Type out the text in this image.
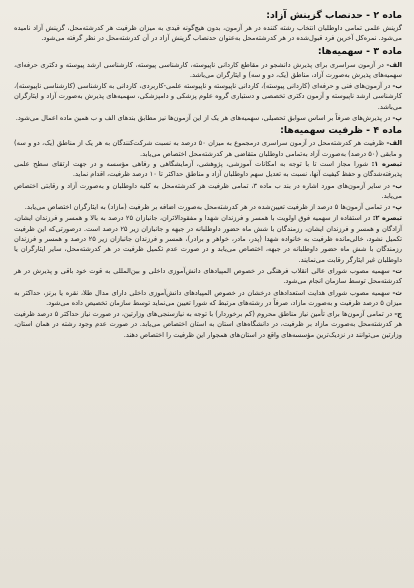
ماده ۲ - حدنصاب گزینش آزاد:

گزینش علمی تمامی داوطلبان انتخاب رشته کننده در هر آزمون، بدون هیچ‌گونه قیدی به میزان ظرفیت هر کدرشته‌محل، گزینش آزاد نامیده می‌شود. نمره‌کل آخرین فرد قبول‌شده در هر کدرشته‌محل به‌عنوان حدنصاب گزینش آزاد در آن کدرشته‌محل در نظر گرفته می‌شود.

ماده ۳ - سهمیه‌ها:

الف- در آزمون سراسری برای پذیرش دانشجو در مقاطع کاردانی ناپیوسته، کارشناسی پیوسته، کارشناسی ارشد پیوسته و دکتری حرفه‌ای، سهمیه‌های پذیرش به‌صورت آزاد، مناطق (یک، دو و سه) و ایثارگران می‌باشد.

ب- در آزمون‌های فنی و حرفه‌ای (کاردانی پیوسته)، کاردانی ناپیوسته و ناپیوسته علمی-کاربردی، کاردانی به کارشناسی (کارشناسی ناپیوسته)، کارشناسی ارشد ناپیوسته و آزمون دکتری تخصصی و دستیاری گروه علوم پزشکی و دامپزشکی، سهمیه‌های پذیرش به‌صورت آزاد و ایثارگران می‌باشد.

پ- در پذیرش‌های صرفاً بر اساس سوابق تحصیلی، سهمیه‌های هر یک از این آزمون‌ها نیز مطابق بندهای الف و ب همین ماده اعمال می‌شود.

ماده ۴ - ظرفیت سهمیه‌ها:

الف- ظرفیت هر کدرشته‌محل در آزمون سراسری درمجموع به میزان ۵۰ درصد به نسبت شرکت‌کنندگان به هر یک از مناطق (یک، دو و سه) و مابقی (۵۰ درصد) به‌صورت آزاد به‌تمامی داوطلبان متقاضی هر کدرشته‌محل اختصاص می‌یابد.

تبصره ۱: شورا مجاز است تا با توجه به امکانات آموزشی، پژوهشی، آزمایشگاهی و رفاهی مؤسسه و در جهت ارتقای سطح علمی پذیرفته‌شدگان و حفظ کیفیت آنها، نسبت به تعدیل سهم داوطلبان آزاد و مناطق حداکثر تا ۱۰ درصد ظرفیت، اقدام نماید.

ب- در سایر آزمون‌های مورد اشاره در بند ب ماده ۳، تمامی ظرفیت هر کدرشته‌محل به کلیه داوطلبان و به‌صورت آزاد و رقابتی اختصاص می‌یابد.

پ- در تمامی آزمون‌ها ۵ درصد از ظرفیت تعیین‌شده در هر کدرشته‌محل به‌صورت اضافه بر ظرفیت (مازاد) به ایثارگران اختصاص می‌یابد.

تبصره ۲: در استفاده از سهمیه فوق اولویت با همسر و فرزندان شهدا و مفقودالاثران، جانبازان ۲۵ درصد به بالا و همسر و فرزندان ایشان، آزادگان و همسر و فرزندان ایشان، رزمندگان با شش ماه حضور داوطلبانه در جبهه و جانبازان زیر ۲۵ درصد است. درصورتی‌که این ظرفیت تکمیل نشود، خالی‌مانده ظرفیت به خانواده شهدا (پدر، مادر، خواهر و برادر)، همسر و فرزندان جانبازان زیر ۲۵ درصد و همسر و فرزندان رزمندگان با شش ماه حضور داوطلبانه در جبهه، اختصاص می‌یابد و در صورت عدم تکمیل ظرفیت در هر کدرشته‌محل، سایر ایثارگران یا داوطلبان غیر ایثارگر رقابت می‌نمایند.

ت- سهمیه مصوب شورای عالی انقلاب فرهنگی در خصوص المپیادهای دانش‌آموزی داخلی و بین‌المللی به قوت خود باقی و پذیرش در هر کدرشته‌محل توسط سازمان انجام می‌شود.

ث- سهمیه مصوب شورای هدایت استعدادهای درخشان در خصوص المپیادهای دانش‌آموزی داخلی دارای مدال طلا، نقره یا برنز، حداکثر به میزان ۵ درصد ظرفیت و به‌صورت مازاد، صرفاً در رشته‌های مرتبط که شورا تعیین می‌نماید توسط سازمان تخصیص داده می‌شود.

ج- در تمامی آزمون‌ها برای تأمین نیاز مناطق محروم (کم برخوردار) با توجه به نیازسنجی‌های وزارتین، در صورت نیاز حداکثر ۵ درصد ظرفیت هر کدرشته‌محل به‌صورت مازاد بر ظرفیت، در دانشگاه‌های استان به استان اختصاص می‌یابد. در صورت عدم وجود رشته در همان استان، وزارتین می‌توانند در نزدیک‌ترین مؤسسه‌های واقع در استان‌های همجوار این ظرفیت را اختصاص دهند.
